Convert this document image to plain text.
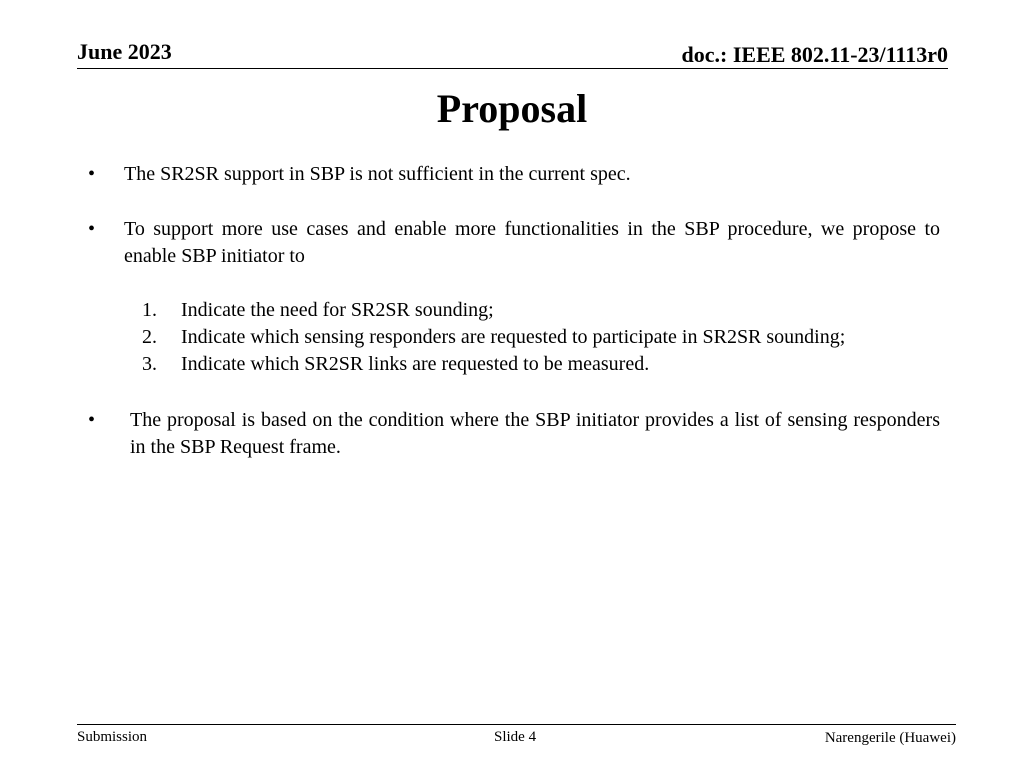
June 2023	doc.: IEEE 802.11-23/1113r0
Proposal
• The SR2SR support in SBP is not sufficient in the current spec.
• To support more use cases and enable more functionalities in the SBP procedure, we propose to enable SBP initiator to
1. Indicate the need for SR2SR sounding;
2. Indicate which sensing responders are requested to participate in SR2SR sounding;
3. Indicate which SR2SR links are requested to be measured.
• The proposal is based on the condition where the SBP initiator provides a list of sensing responders in the SBP Request frame.
Submission	Slide 4	Narengerile (Huawei)
